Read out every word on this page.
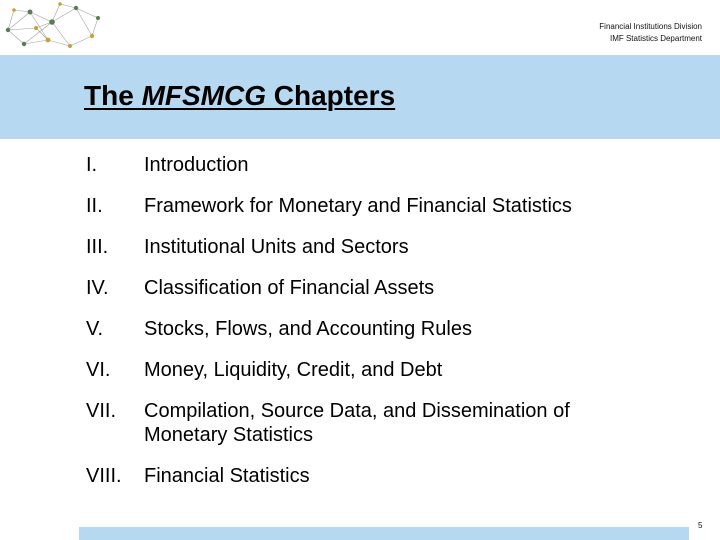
Financial Institutions Division
IMF Statistics Department
The MFSMCG Chapters
I.	Introduction
II.	Framework for Monetary and Financial Statistics
III.	Institutional Units and Sectors
IV.	Classification of Financial Assets
V.	Stocks, Flows, and Accounting Rules
VI.	Money, Liquidity, Credit, and Debt
VII.	Compilation, Source Data, and Dissemination of Monetary Statistics
VIII.	Financial Statistics
5
